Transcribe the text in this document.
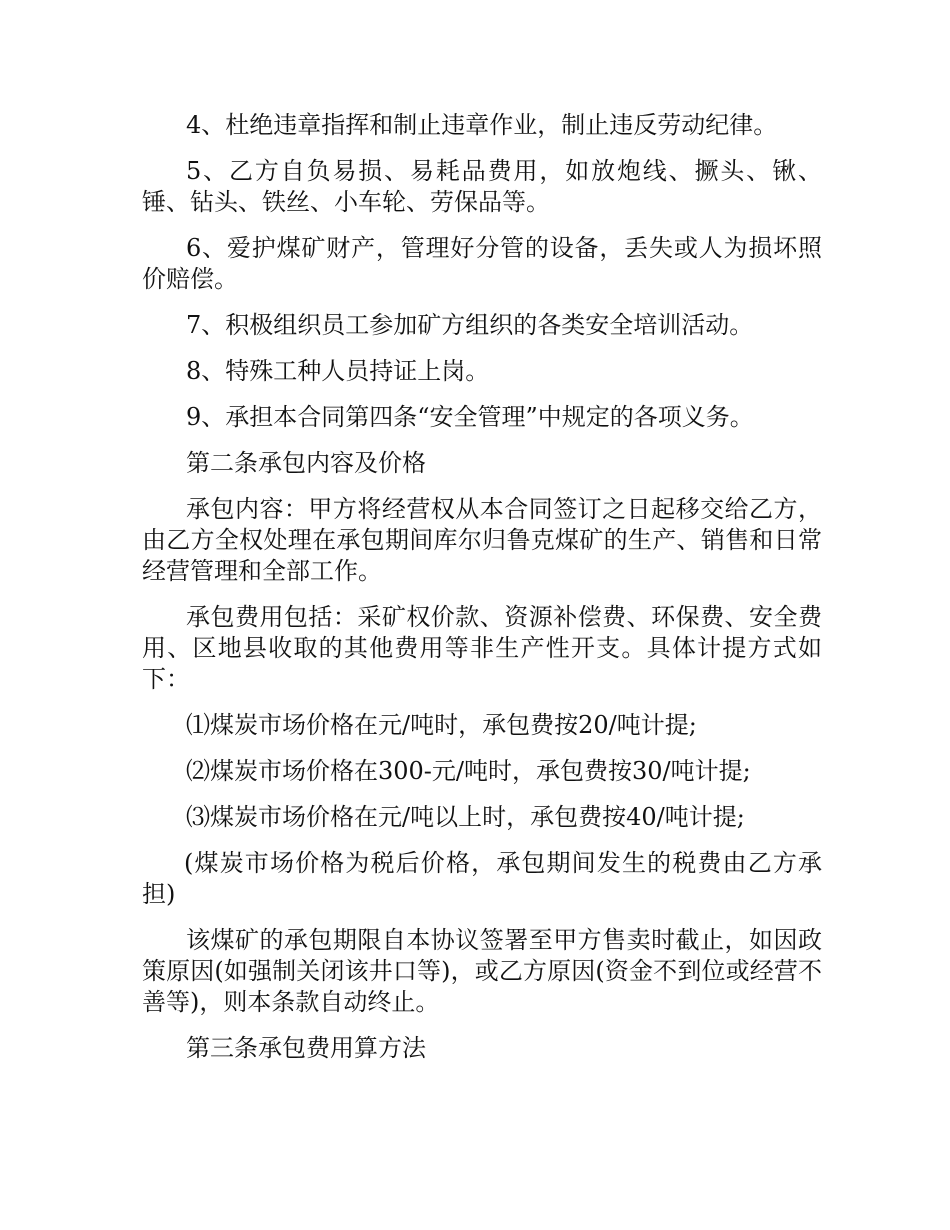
4、杜绝违章指挥和制止违章作业，制止违反劳动纪律。

5、乙方自负易损、易耗品费用，如放炮线、撅头、锹、锤、钻头、铁丝、小车轮、劳保品等。

6、爱护煤矿财产，管理好分管的设备，丢失或人为损坏照价赔偿。

7、积极组织员工参加矿方组织的各类安全培训活动。

8、特殊工种人员持证上岗。

9、承担本合同第四条“安全管理”中规定的各项义务。

第二条承包内容及价格

承包内容：甲方将经营权从本合同签订之日起移交给乙方，由乙方全权处理在承包期间库尔归鲁克煤矿的生产、销售和日常经营管理和全部工作。

承包费用包括：采矿权价款、资源补偿费、环保费、安全费用、区地县收取的其他费用等非生产性开支。具体计提方式如下：

⑴煤炭市场价格在元/吨时，承包费按20/吨计提;

⑵煤炭市场价格在300-元/吨时，承包费按30/吨计提;

⑶煤炭市场价格在元/吨以上时，承包费按40/吨计提;

(煤炭市场价格为税后价格，承包期间发生的税费由乙方承担)

该煤矿的承包期限自本协议签署至甲方售卖时截止，如因政策原因(如强制关闭该井口等)，或乙方原因(资金不到位或经营不善等)，则本条款自动终止。

第三条承包费用算方法
